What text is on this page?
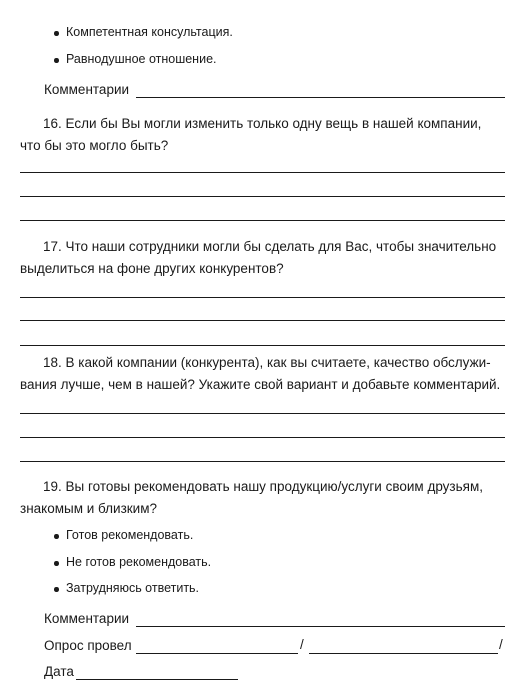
Компетентная консультация.
Равнодушное отношение.
Комментарии
16. Если бы Вы могли изменить только одну вещь в нашей компании,
что бы это могло быть?
17. Что наши сотрудники могли бы сделать для Вас, чтобы значительно
выделиться на фоне других конкурентов?
18. В какой компании (конкурента), как вы считаете, качество обслужи-
вания лучше, чем в нашей? Укажите свой вариант и добавьте комментарий.
19. Вы готовы рекомендовать нашу продукцию/услуги своим друзьям,
знакомым и близким?
Готов рекомендовать.
Не готов рекомендовать.
Затрудняюсь ответить.
Комментарии
Опрос провел	/	/
Дата
